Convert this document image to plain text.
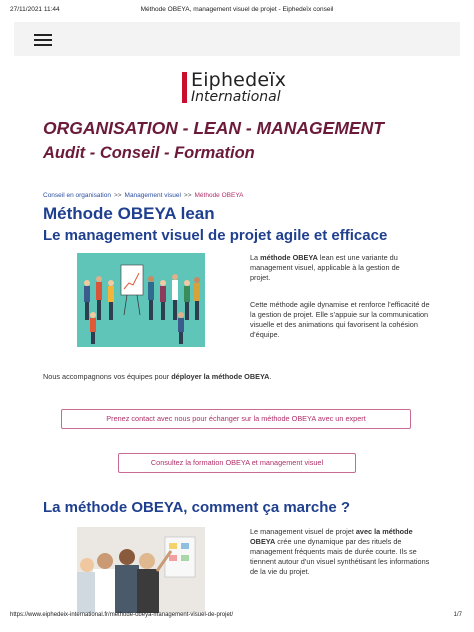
27/11/2021 11:44	Méthode OBEYA, management visuel de projet - Eiphedeïx conseil
Eiphedeïx
International
ORGANISATION - LEAN - MANAGEMENT
Audit - Conseil - Formation
Conseil en organisation >> Management visuel >> Méthode OBEYA
Méthode OBEYA lean
Le management visuel de projet agile et efficace

La méthode OBEYA lean est une variante du management visuel, applicable à la gestion de projet.

Cette méthode agile dynamise et renforce l’efficacité de la gestion de projet. Elle s’appuie sur la communication visuelle et des animations qui favorisent la cohésion d’équipe.

Nous accompagnons vos équipes pour déployer la méthode OBEYA.

Prenez contact avec nous pour échanger sur la méthode OBEYA avec un expert
Consultez la formation OBEYA et management visuel
La méthode OBEYA, comment ça marche ?

Le management visuel de projet avec la méthode OBEYA crée une dynamique par des rituels de management fréquents mais de durée courte. Ils se tiennent autour d’un visuel synthétisant les informations de la vie du projet.

https://www.eiphedeix-international.fr/methode-obeya-management-visuel-de-projet/	1/7
